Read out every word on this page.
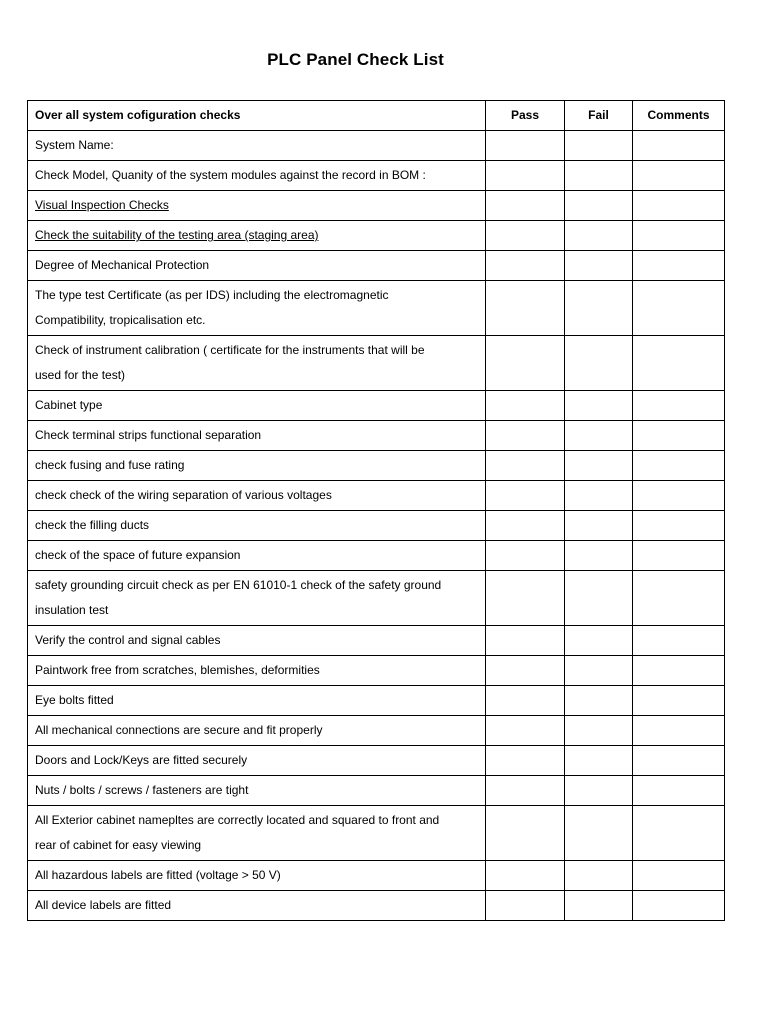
PLC Panel Check List
Over all system cofiguration checks	Pass	Fail	Comments

System Name:			

Check Model, Quanity of the system modules against the record in BOM :			

Visual Inspection Checks			

Check the suitability of the testing area (staging area)			

Degree of Mechanical Protection			

The type test Certificate (as per IDS) including the electromagnetic
Compatibility, tropicalisation etc.			

Check of instrument calibration ( certificate for the instruments that will be
used for the test)			

Cabinet type			

Check terminal strips functional separation			

check fusing and fuse rating			

check check of the wiring separation of various voltages			

check the filling ducts			

check of the space of future expansion			

safety grounding circuit check as per EN 61010-1 check of the safety ground
insulation test			

Verify the control and signal cables			

Paintwork free from scratches, blemishes, deformities			

Eye bolts fitted			

All mechanical connections are secure and fit properly			

Doors and Lock/Keys are fitted securely			

Nuts / bolts / screws / fasteners are tight			

All Exterior cabinet namepltes are correctly located and squared to front and
rear of cabinet for easy viewing			

All hazardous labels are fitted (voltage > 50 V)			

All device labels are fitted			
